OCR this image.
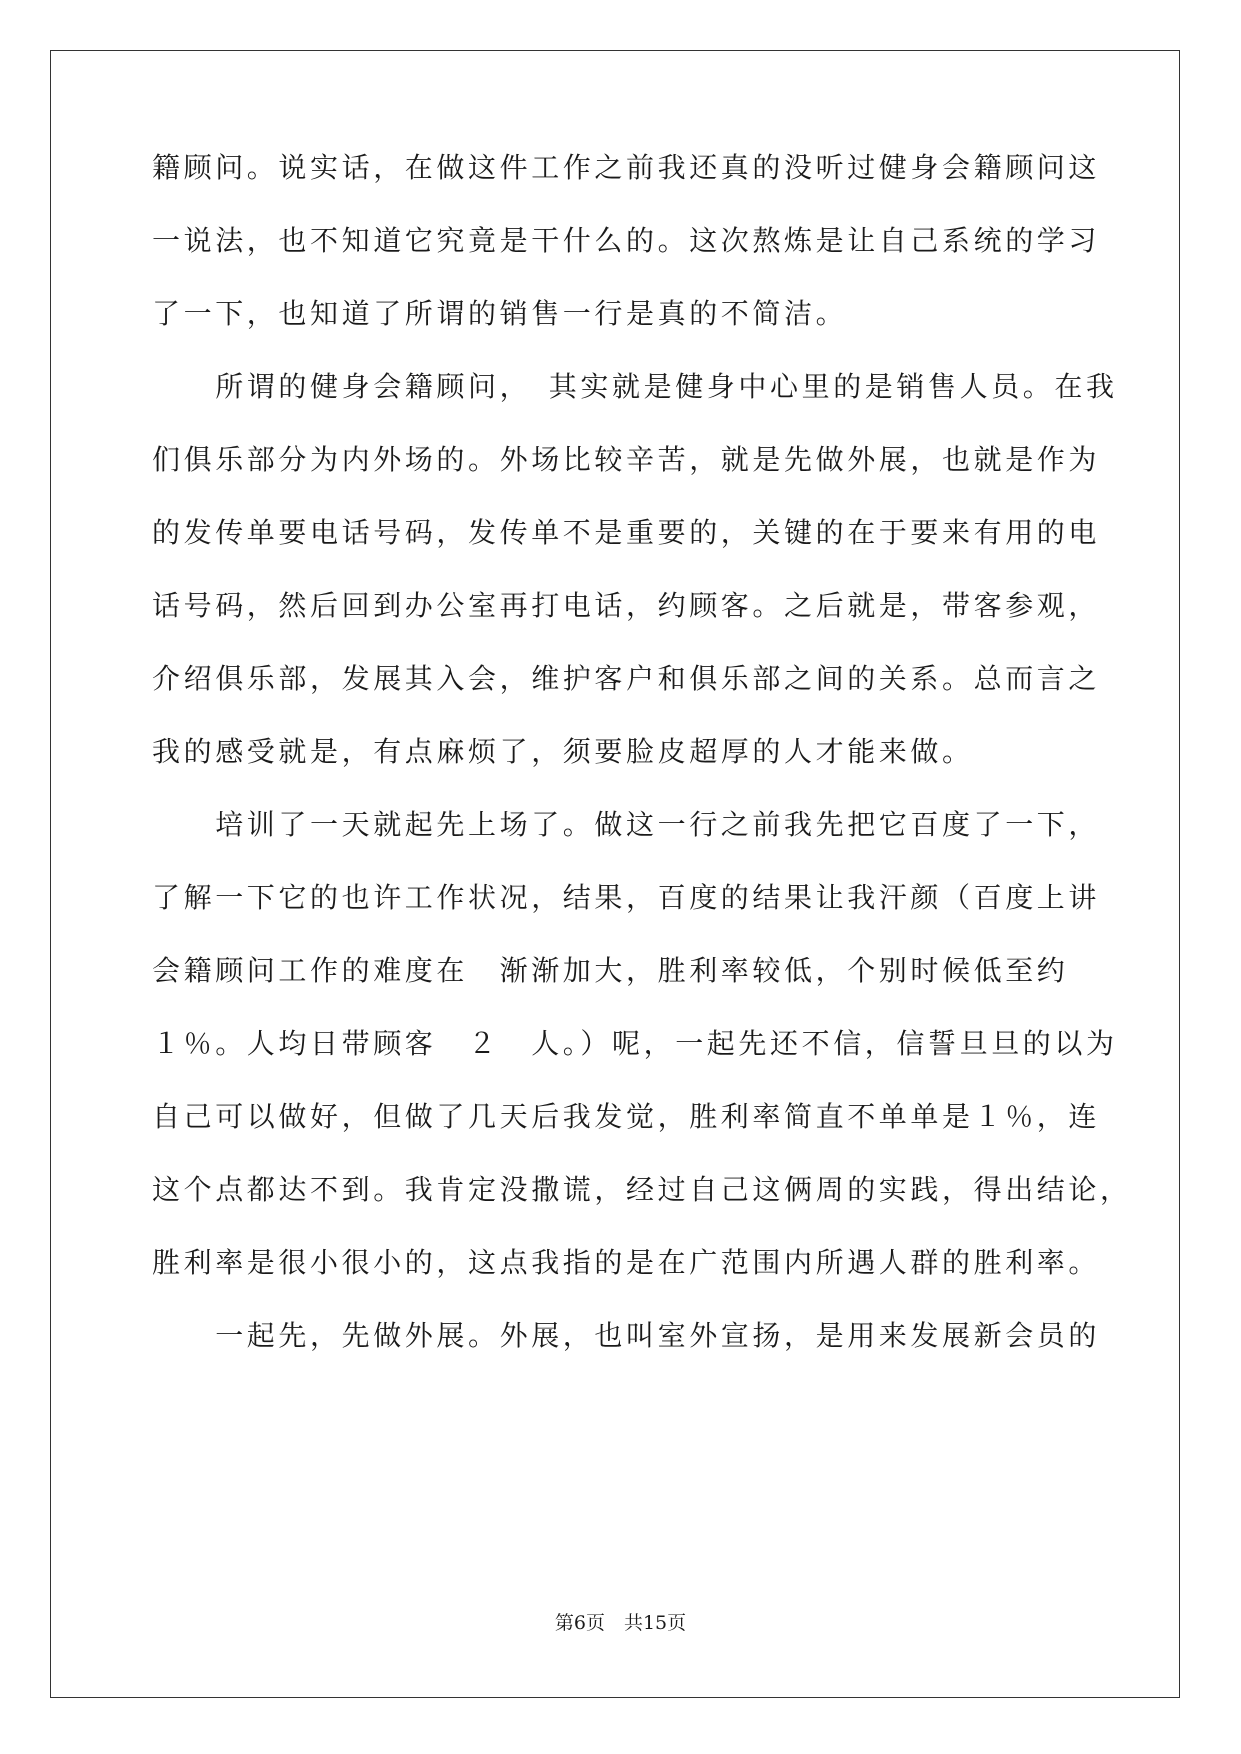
籍顾问。说实话，在做这件工作之前我还真的没听过健身会籍顾问这
一说法，也不知道它究竟是干什么的。这次熬炼是让自己系统的学习
了一下，也知道了所谓的销售一行是真的不简洁。
　　所谓的健身会籍顾问，　其实就是健身中心里的是销售人员。在我
们俱乐部分为内外场的。外场比较辛苦，就是先做外展，也就是作为
的发传单要电话号码，发传单不是重要的，关键的在于要来有用的电
话号码，然后回到办公室再打电话，约顾客。之后就是，带客参观，
介绍俱乐部，发展其入会，维护客户和俱乐部之间的关系。总而言之
我的感受就是，有点麻烦了，须要脸皮超厚的人才能来做。
　　培训了一天就起先上场了。做这一行之前我先把它百度了一下，
了解一下它的也许工作状况，结果，百度的结果让我汗颜（百度上讲
会籍顾问工作的难度在　渐渐加大，胜利率较低，个别时候低至约
１％。人均日带顾客　２　人。）呢，一起先还不信，信誓旦旦的以为
自己可以做好，但做了几天后我发觉，胜利率简直不单单是１％，连
这个点都达不到。我肯定没撒谎，经过自己这俩周的实践，得出结论，
胜利率是很小很小的，这点我指的是在广范围内所遇人群的胜利率。
　　一起先，先做外展。外展，也叫室外宣扬，是用来发展新会员的
第6页　共15页
